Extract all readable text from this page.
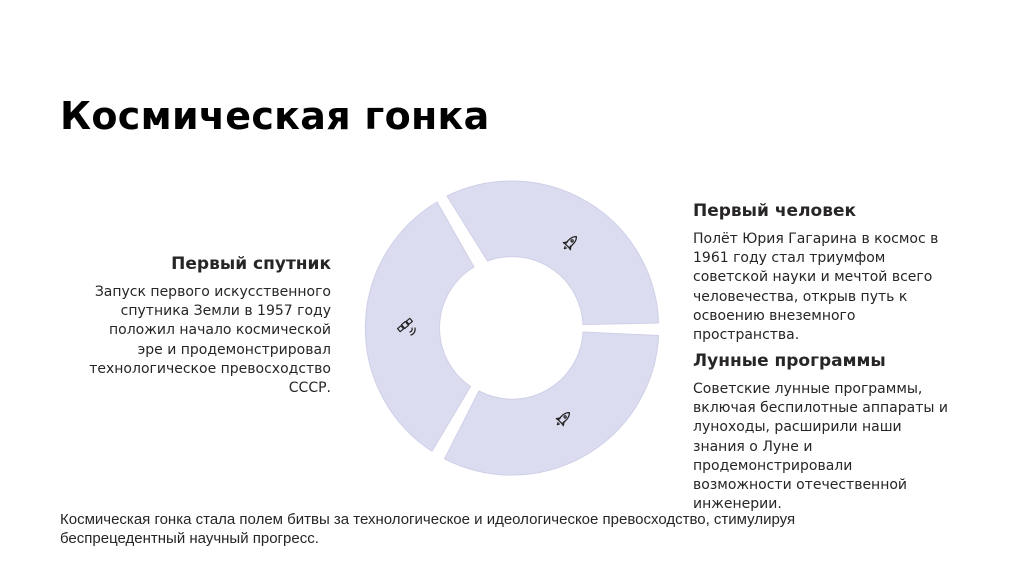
Космическая гонка
Первый спутник

Запуск первого искусственного спутника Земли в 1957 году положил начало космической эре и продемонстрировал технологическое превосходство СССР.

Первый человек

Полёт Юрия Гагарина в космос в 1961 году стал триумфом советской науки и мечтой всего человечества, открыв путь к освоению внеземного пространства.

Лунные программы

Советские лунные программы, включая беспилотные аппараты и луноходы, расширили наши знания о Луне и продемонстрировали возможности отечественной инженерии.

Космическая гонка стала полем битвы за технологическое и идеологическое превосходство, стимулируя беспрецедентный научный прогресс.
